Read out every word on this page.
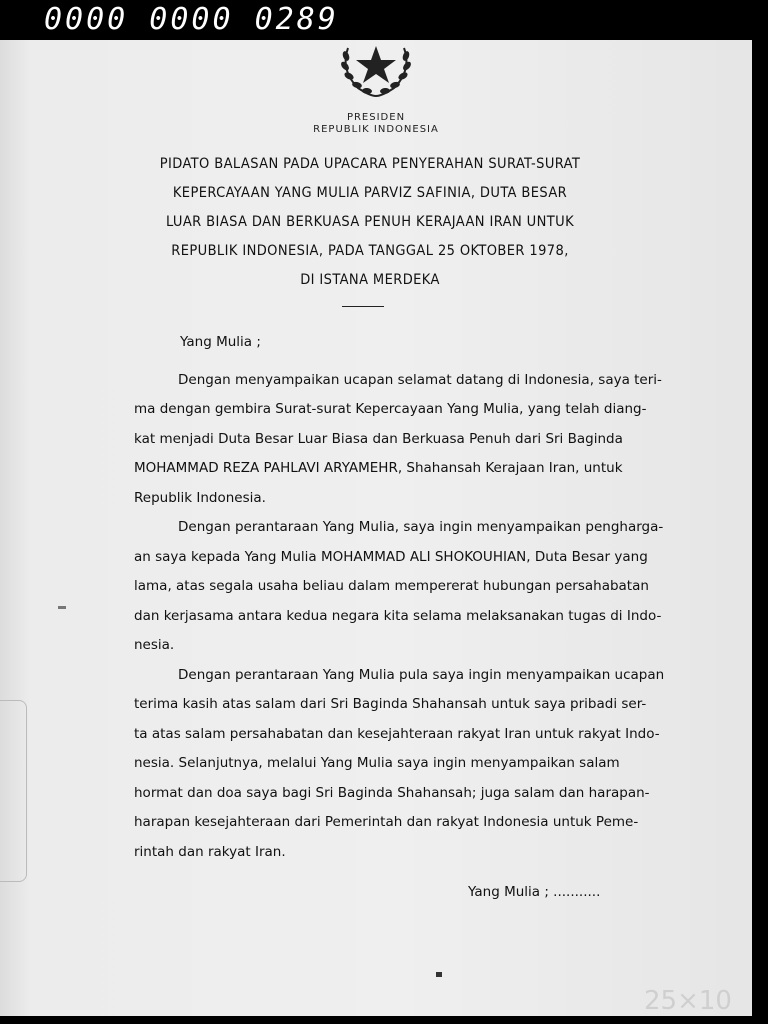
0000 0000 0289
PRESIDEN
REPUBLIK INDONESIA
PIDATO BALASAN PADA UPACARA PENYERAHAN SURAT-SURAT
KEPERCAYAAN YANG MULIA PARVIZ SAFINIA, DUTA BESAR
LUAR BIASA DAN BERKUASA PENUH KERAJAAN IRAN UNTUK
REPUBLIK INDONESIA, PADA TANGGAL 25 OKTOBER 1978,
DI ISTANA MERDEKA
Yang Mulia ;

Dengan menyampaikan ucapan selamat datang di Indonesia, saya teri-
ma dengan gembira Surat-surat Kepercayaan Yang Mulia, yang telah diang-
kat menjadi Duta Besar Luar Biasa dan Berkuasa Penuh dari Sri Baginda
MOHAMMAD REZA PAHLAVI ARYAMEHR, Shahansah Kerajaan Iran, untuk
Republik Indonesia.

Dengan perantaraan Yang Mulia, saya ingin menyampaikan pengharga-
an saya kepada Yang Mulia MOHAMMAD ALI SHOKOUHIAN, Duta Besar yang
lama, atas segala usaha beliau dalam mempererat hubungan persahabatan
dan kerjasama antara kedua negara kita selama melaksanakan tugas di Indo-
nesia.

Dengan perantaraan Yang Mulia pula saya ingin menyampaikan ucapan
terima kasih atas salam dari Sri Baginda Shahansah untuk saya pribadi ser-
ta atas salam persahabatan dan kesejahteraan rakyat Iran untuk rakyat Indo-
nesia. Selanjutnya, melalui Yang Mulia saya ingin menyampaikan salam
hormat dan doa saya bagi Sri Baginda Shahansah; juga salam dan harapan-
harapan kesejahteraan dari Pemerintah dan rakyat Indonesia untuk Peme-
rintah dan rakyat Iran.

Yang Mulia ; ...........
25×10
